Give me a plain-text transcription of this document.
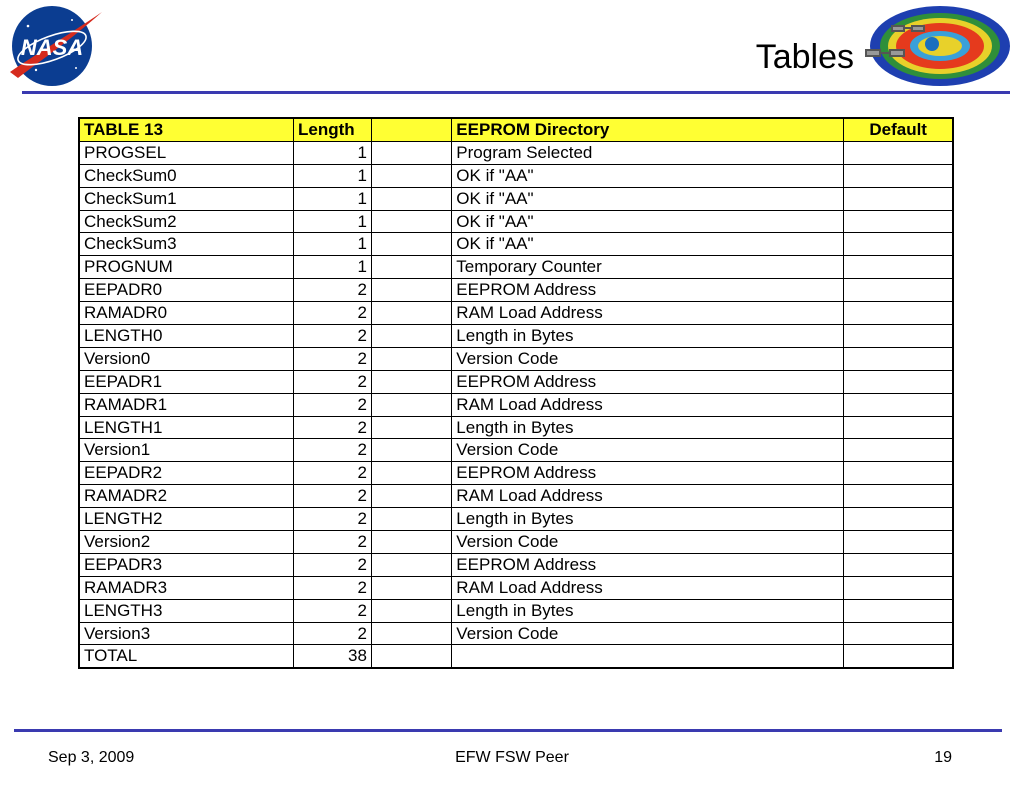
NASA	Tables
TABLE 13	Length		EEPROM Directory	Default
PROGSEL	1		Program Selected	
CheckSum0	1		OK if "AA"	
CheckSum1	1		OK if "AA"	
CheckSum2	1		OK if "AA"	
CheckSum3	1		OK if "AA"	
PROGNUM	1		Temporary Counter	
EEPADR0	2		EEPROM Address	
RAMADR0	2		RAM Load Address	
LENGTH0	2		Length in Bytes	
Version0	2		Version Code	
EEPADR1	2		EEPROM Address	
RAMADR1	2		RAM Load Address	
LENGTH1	2		Length in Bytes	
Version1	2		Version Code	
EEPADR2	2		EEPROM Address	
RAMADR2	2		RAM Load Address	
LENGTH2	2		Length in Bytes	
Version2	2		Version Code	
EEPADR3	2		EEPROM Address	
RAMADR3	2		RAM Load Address	
LENGTH3	2		Length in Bytes	
Version3	2		Version Code	
TOTAL	38			
Sep 3, 2009	EFW FSW Peer	19
